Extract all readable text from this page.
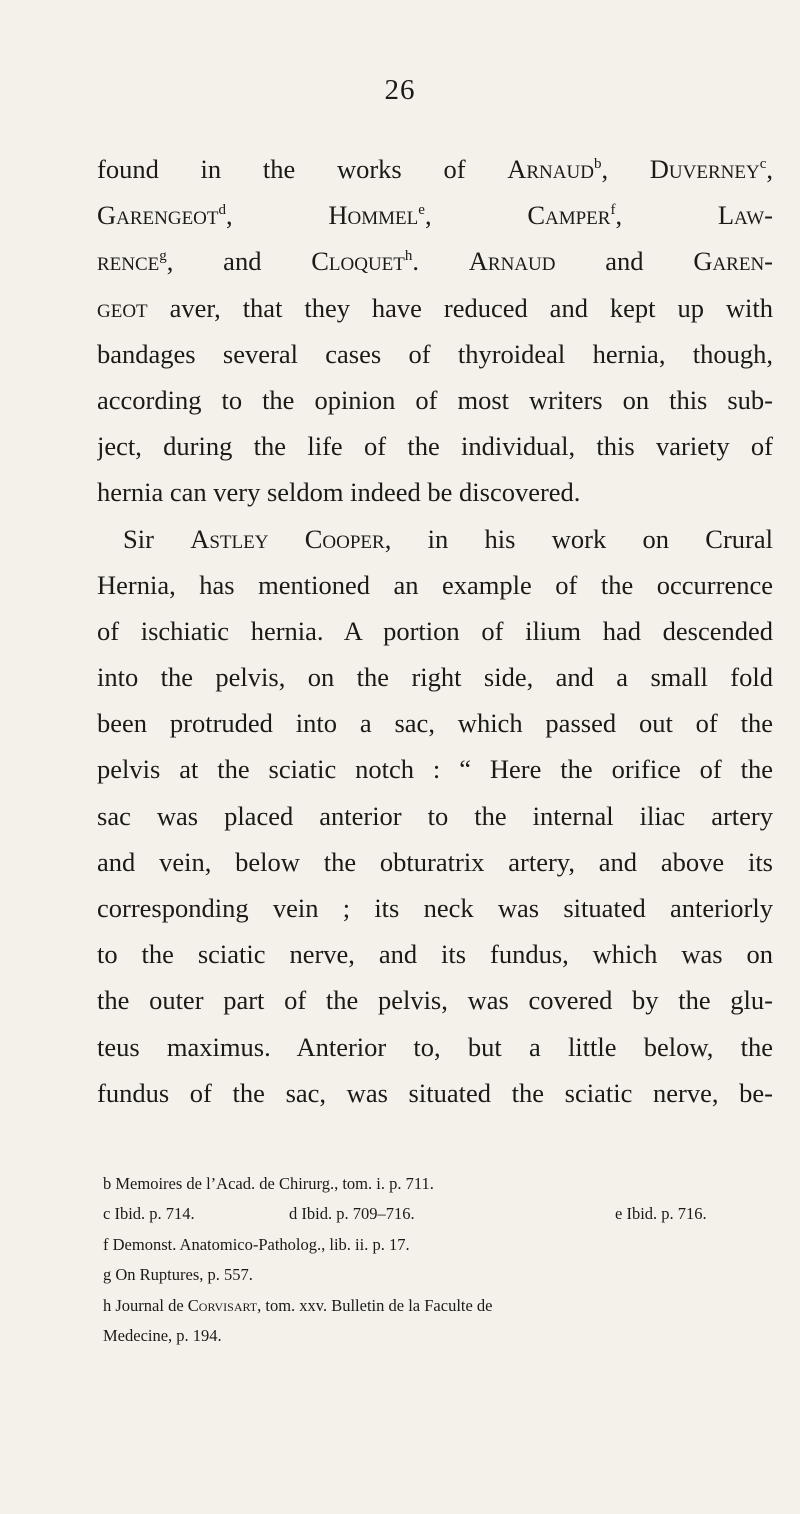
26
found in the works of Arnaud$^b$, Duverney$^c$,
Garengeot$^d$, Hommel$^e$, Camper$^f$, Law-
rence$^g$, and Cloquet$^h$. Arnaud and Garen-
geot aver, that they have reduced and kept up with
bandages several cases of thyroideal hernia, though,
according to the opinion of most writers on this sub-
ject, during the life of the individual, this variety of
hernia can very seldom indeed be discovered.
Sir Astley Cooper, in his work on Crural
Hernia, has mentioned an example of the occurrence
of ischiatic hernia. A portion of ilium had descended
into the pelvis, on the right side, and a small fold
been protruded into a sac, which passed out of the
pelvis at the sciatic notch : “ Here the orifice of the
sac was placed anterior to the internal iliac artery
and vein, below the obturatrix artery, and above its
corresponding vein ; its neck was situated anteriorly
to the sciatic nerve, and its fundus, which was on
the outer part of the pelvis, was covered by the glu-
teus maximus. Anterior to, but a little below, the
fundus of the sac, was situated the sciatic nerve, be-
b Memoires de l’Acad. de Chirurg., tom. i. p. 711.
c Ibid. p. 714.	d Ibid. p. 709–716.	e Ibid. p. 716.
f Demonst. Anatomico-Patholog., lib. ii. p. 17.
g On Ruptures, p. 557.
h Journal de Corvisart, tom. xxv. Bulletin de la Faculte de
Medecine, p. 194.
